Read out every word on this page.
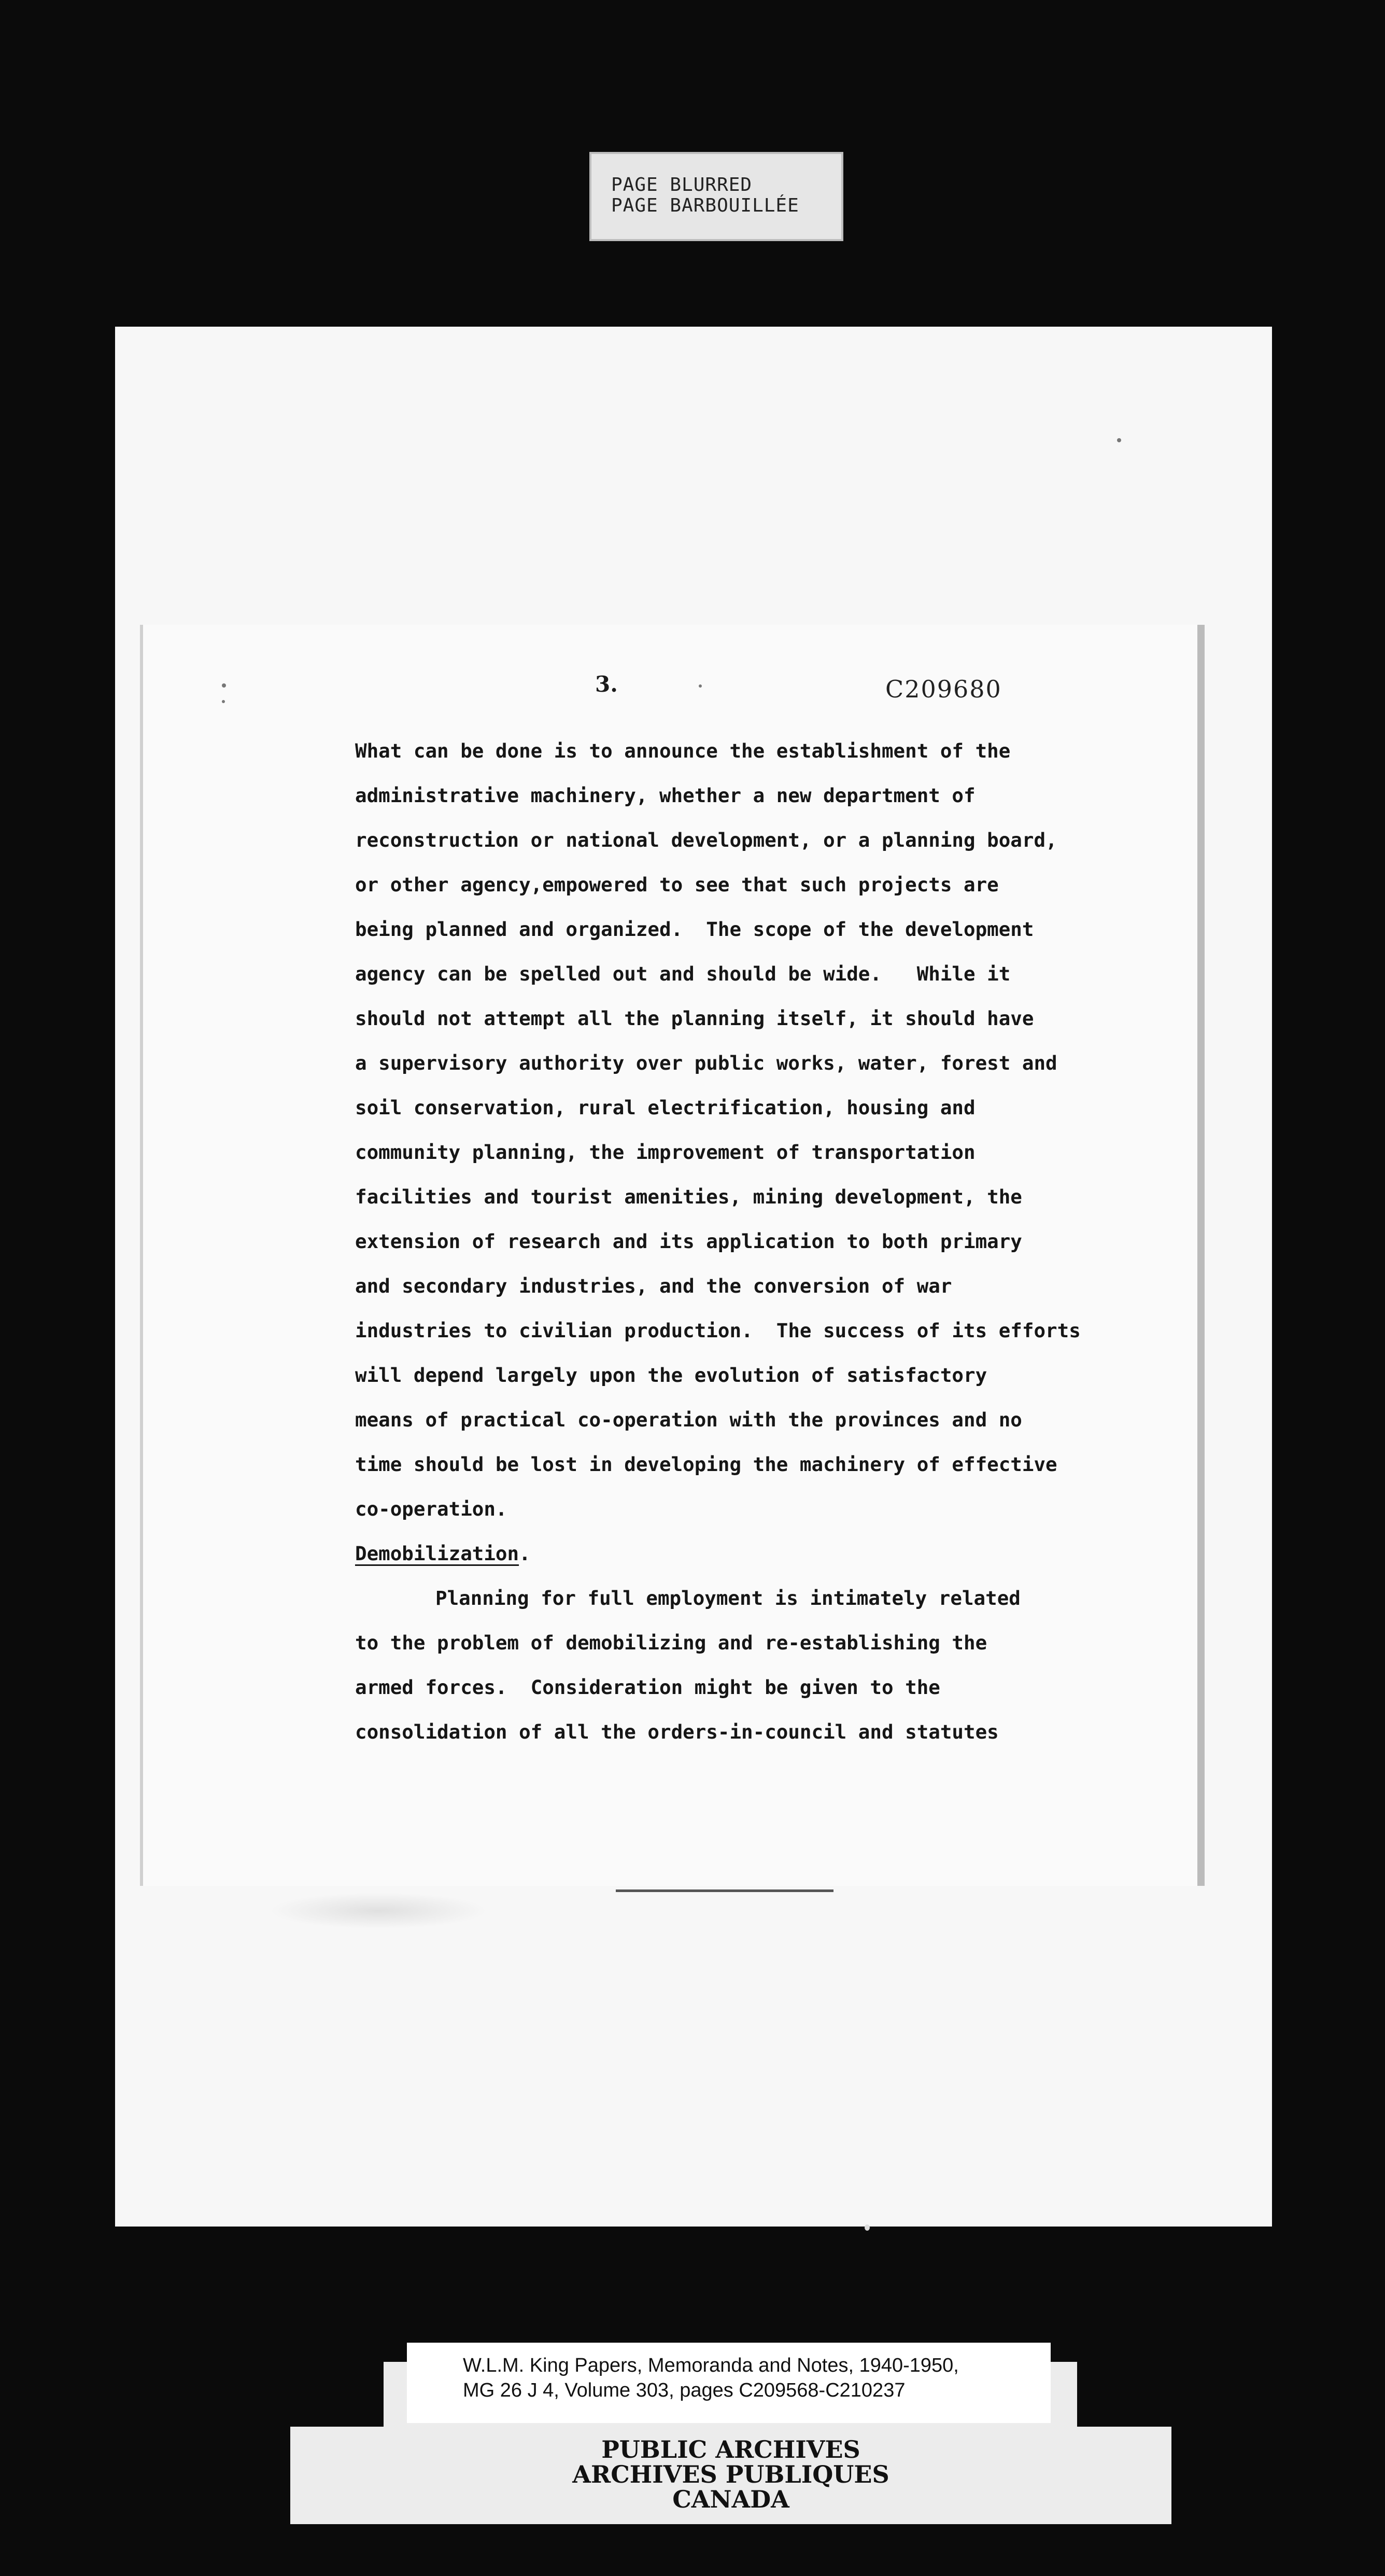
PAGE BLURRED
PAGE BARBOUILLÉE
3.	C209680
What can be done is to announce the establishment of the
administrative machinery, whether a new department of
reconstruction or national development, or a planning board,
or other agency,empowered to see that such projects are
being planned and organized.  The scope of the development
agency can be spelled out and should be wide.   While it
should not attempt all the planning itself, it should have
a supervisory authority over public works, water, forest and
soil conservation, rural electrification, housing and
community planning, the improvement of transportation
facilities and tourist amenities, mining development, the
extension of research and its application to both primary
and secondary industries, and the conversion of war
industries to civilian production.  The success of its efforts
will depend largely upon the evolution of satisfactory
means of practical co-operation with the provinces and no
time should be lost in developing the machinery of effective
co-operation.
Demobilization.
Planning for full employment is intimately related
to the problem of demobilizing and re-establishing the
armed forces.  Consideration might be given to the
consolidation of all the orders-in-council and statutes
W.L.M. King Papers, Memoranda and Notes, 1940-1950,
MG 26 J 4, Volume 303, pages C209568-C210237
PUBLIC ARCHIVES
ARCHIVES PUBLIQUES
CANADA
